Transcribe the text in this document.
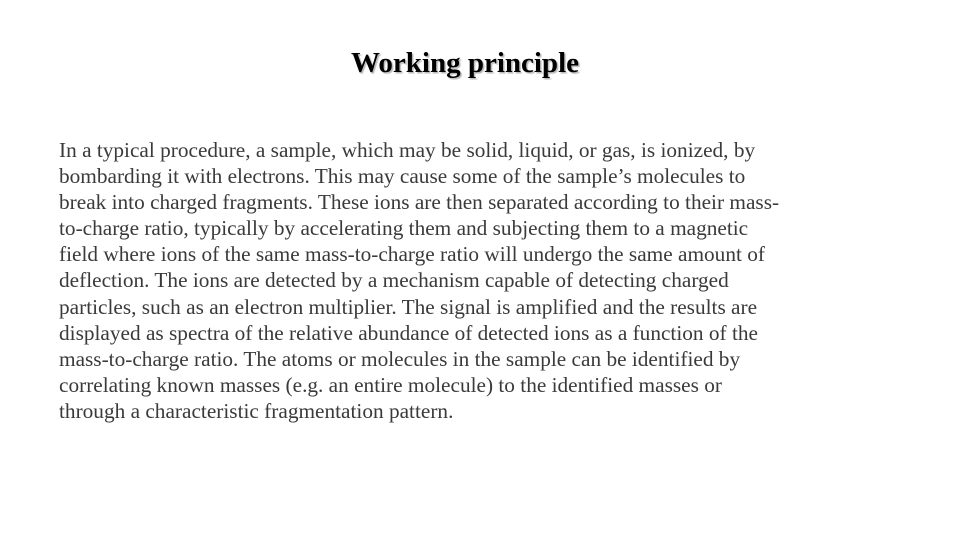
Working principle
In a typical procedure, a sample, which may be solid, liquid, or gas, is ionized, by
bombarding it with electrons. This may cause some of the sample’s molecules to
break into charged fragments. These ions are then separated according to their mass-
to-charge ratio, typically by accelerating them and subjecting them to a magnetic
field where ions of the same mass-to-charge ratio will undergo the same amount of
deflection. The ions are detected by a mechanism capable of detecting charged
particles, such as an electron multiplier. The signal is amplified and the results are
displayed as spectra of the relative abundance of detected ions as a function of the
mass-to-charge ratio. The atoms or molecules in the sample can be identified by
correlating known masses (e.g. an entire molecule) to the identified masses or
through a characteristic fragmentation pattern.
